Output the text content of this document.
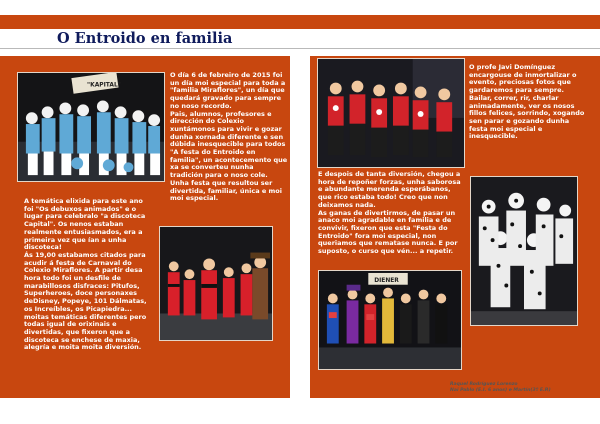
O Entroido en familia
"KAPITAL"
O día 6 de febreiro de 2015 foi un día moi especial para toda a "familia Miraflores", un día que quedará gravado para sempre no noso recordo.
Pais, alumnos, profesores e dirección do Colexio xuntámonos para vivir e gozar dunha xornada diferente e sen dúbida inesquecible para todos "A festa do Entroido en familia", un acontecemento que xa se converteu nunha tradición para o noso cole. Unha festa que resultou ser divertida, familiar, única e moi moi especial.
A temática elixida para este ano foi "Os debuxos animados" e o lugar para celebralo "a discoteca Capital". Os nenos estaban realmente entusiasmados, era a primeira vez que ían a unha discoteca!
Ás 19,00 estabamos citados para acudir á festa de Carnaval do Colexio Miraflores. A partir desa hora todo foi un desfile de marabillosos disfraces: Pitufos, Superheroes, doce personaxes deDisney, Popeye, 101 Dálmatas, os Increíbles, os Picapiedra... moitas temáticas diferentes pero todas igual de orixinais e divertidas, que fixeron que a discoteca se enchese de maxia, alegría e moita moita diversión.
O profe Javi Domínguez encargouse de inmortalizar o evento, preciosas fotos que gardaremos para sempre.
Bailar, correr, rir, charlar animadamente, ver os nosos fillos felices, sorrindo, xogando sen parar e gozando dunha festa moi especial e inesquecible.
E despois de tanta diversión, chegou a hora de repoñer forzas, unha saborosa e abundante merenda esperábanos, que rico estaba todo! Creo que non deixamos nada.
As ganas de divertirmos, de pasar un anaco moi agradable en familia e de convivir, fixeron que esta "Festa do Entroido" fora moi especial, non queriamos que rematase nunca. E por suposto, o curso que vén... a repetir.
DIENER
Raquel Rodríguez Lorenzo
Nai Pablo (E.I. 6 anos) e Martín(3º E.P.)
